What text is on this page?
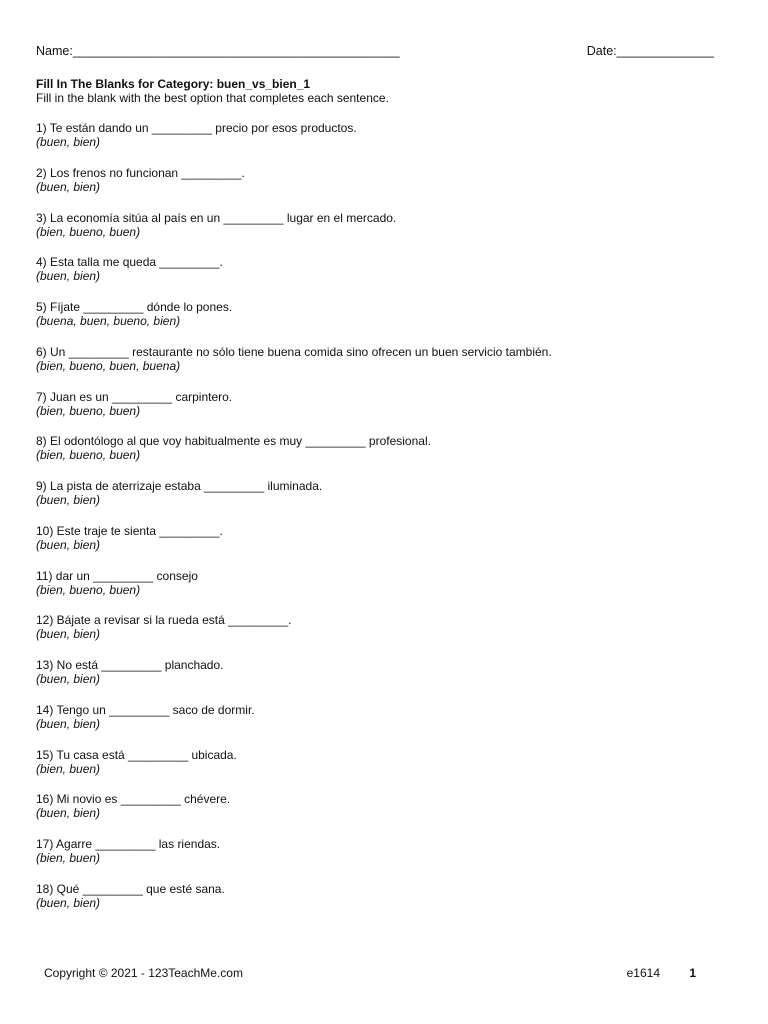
Name:_______________________________________________	Date:______________
Fill In The Blanks for Category: buen_vs_bien_1
Fill in the blank with the best option that completes each sentence.
1) Te están dando un _________ precio por esos productos.
(buen, bien)
2) Los frenos no funcionan _________.
(buen, bien)
3) La economía sitúa al país en un _________ lugar en el mercado.
(bien, bueno, buen)
4) Esta talla me queda _________.
(buen, bien)
5) Fíjate _________ dónde lo pones.
(buena, buen, bueno, bien)
6) Un _________ restaurante no sólo tiene buena comida sino ofrecen un buen servicio también.
(bien, bueno, buen, buena)
7) Juan es un _________ carpintero.
(bien, bueno, buen)
8) El odontólogo al que voy habitualmente es muy _________ profesional.
(bien, bueno, buen)
9) La pista de aterrizaje estaba _________ iluminada.
(buen, bien)
10) Este traje te sienta _________.
(buen, bien)
11) dar un _________ consejo
(bien, bueno, buen)
12) Bájate a revisar si la rueda está _________.
(buen, bien)
13) No está _________ planchado.
(buen, bien)
14) Tengo un _________ saco de dormir.
(buen, bien)
15) Tu casa está _________ ubicada.
(bien, buen)
16) Mi novio es _________ chévere.
(buen, bien)
17) Agarre _________ las riendas.
(bien, buen)
18) Qué _________ que esté sana.
(buen, bien)
Copyright © 2021 - 123TeachMe.com	e1614 1
